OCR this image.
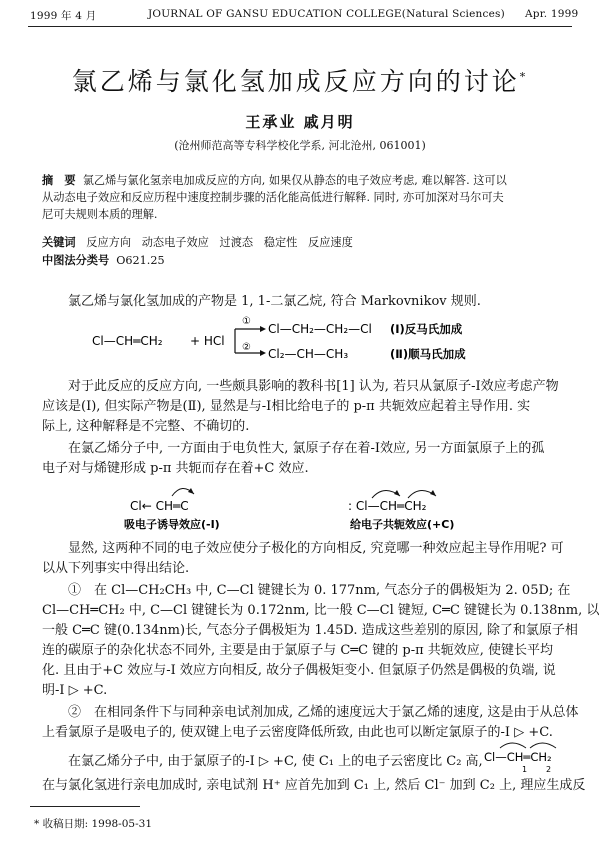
1999 年 4 月	JOURNAL OF GANSU EDUCATION COLLEGE(Natural Sciences) Apr. 1999
氯乙烯与氯化氢加成反应方向的讨论*
王承业 戚月明
(沧州师范高等专科学校化学系, 河北沧州, 061001)
摘　要 氯乙烯与氯化氢亲电加成反应的方向, 如果仅从静态的电子效应考虑, 难以解答. 这可以
从动态电子效应和反应历程中速度控制步骤的活化能高低进行解释. 同时, 亦可加深对马尔可夫
尼可夫规则本质的理解.
关键词 反应方向 动态电子效应 过渡态 稳定性 反应速度
中图法分类号 O621.25
氯乙烯与氯化氢加成的产物是 1, 1-二氯乙烷, 符合 Markovnikov 规则.
Cl—CH═CH₂ + HCl
①
②
Cl—CH₂—CH₂—Cl
Cl₂—CH—CH₃
(Ⅰ)反马氏加成
(Ⅱ)顺马氏加成
对于此反应的反应方向, 一些颇具影响的教科书[1] 认为, 若只从氯原子-I效应考虑产物
应该是(Ⅰ), 但实际产物是(Ⅱ), 显然是与-I相比给电子的 p-π 共轭效应起着主导作用. 实
际上, 这种解释是不完整、不确切的.
在氯乙烯分子中, 一方面由于电负性大, 氯原子存在着-I效应, 另一方面氯原子上的孤
电子对与烯键形成 p-π 共轭而存在着+C 效应.
Cl← CH═C
吸电子诱导效应(-I)
: Cl—CH═CH₂
给电子共轭效应(+C)
显然, 这两种不同的电子效应使分子极化的方向相反, 究竟哪一种效应起主导作用呢? 可
以从下列事实中得出结论.
①　在 Cl—CH₂CH₃ 中, C—Cl 键键长为 0. 177nm, 气态分子的偶极矩为 2. 05D; 在
Cl—CH═CH₂ 中, C—Cl 键键长为 0.172nm, 比一般 C—Cl 键短, C═C 键键长为 0.138nm, 以
一般 C═C 键(0.134nm)长, 气态分子偶极矩为 1.45D. 造成这些差别的原因, 除了和氯原子相
连的碳原子的杂化状态不同外, 主要是由于氯原子与 C═C 键的 p-π 共轭效应, 使键长平均
化. 且由于+C 效应与-I 效应方向相反, 故分子偶极矩变小. 但氯原子仍然是偶极的负端, 说
明-I ▷ +C.
②　在相同条件下与同种亲电试剂加成, 乙烯的速度远大于氯乙烯的速度, 这是由于从总体
上看氯原子是吸电子的, 使双键上电子云密度降低所致, 由此也可以断定氯原子的-I ▷ +C.
在氯乙烯分子中, 由于氯原子的-I ▷ +C, 使 C₁ 上的电子云密度比 C₂ 高, Cl—CH═CH₂
1 2
在与氯化氢进行亲电加成时, 亲电试剂 H⁺ 应首先加到 C₁ 上, 然后 Cl⁻ 加到 C₂ 上, 理应生成反
* 收稿日期: 1998-05-31
